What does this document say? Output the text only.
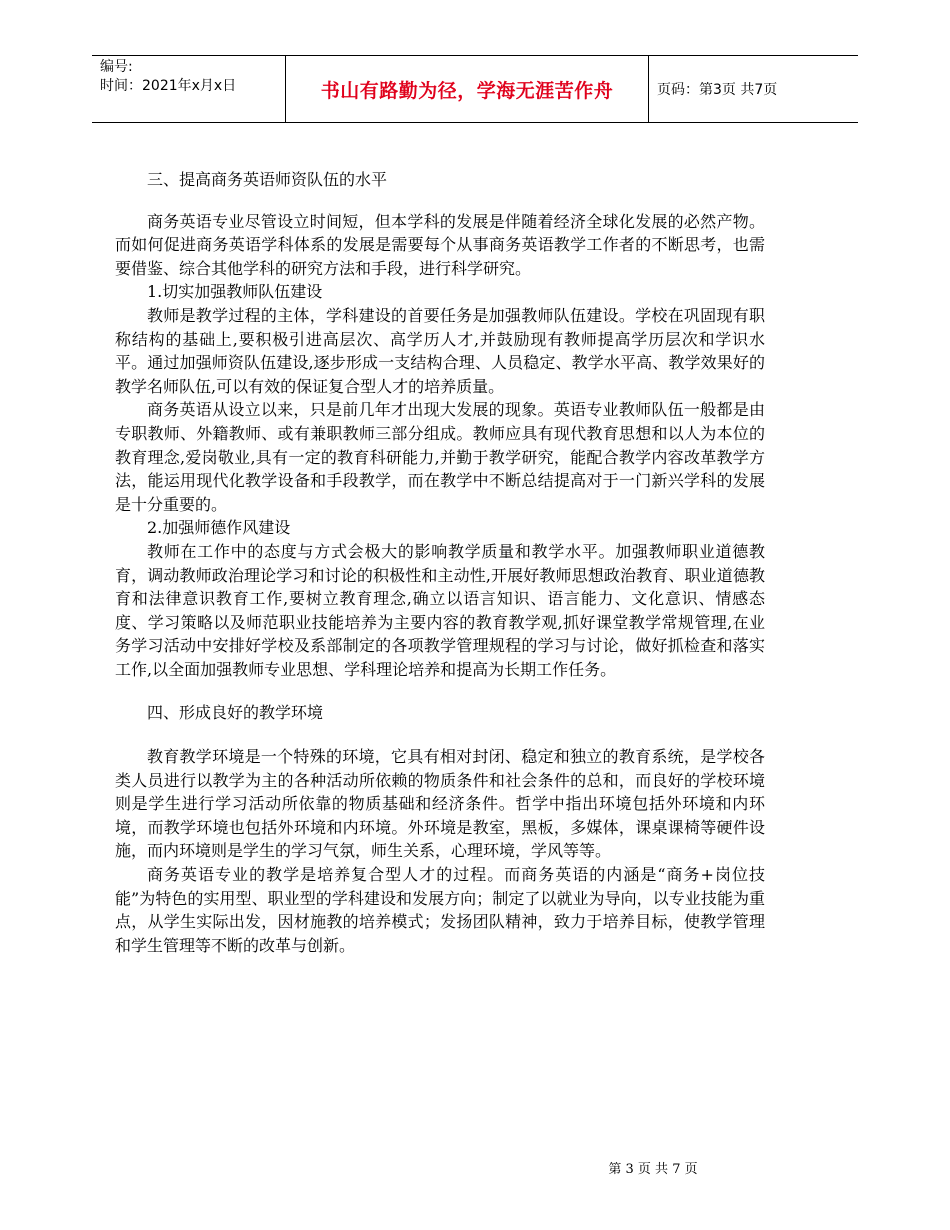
编号:
时间：2021年x月x日	书山有路勤为径，学海无涯苦作舟	页码：第3页 共7页
三、提高商务英语师资队伍的水平

商务英语专业尽管设立时间短，但本学科的发展是伴随着经济全球化发展的必然产物。而如何促进商务英语学科体系的发展是需要每个从事商务英语教学工作者的不断思考，也需要借鉴、综合其他学科的研究方法和手段，进行科学研究。

1.切实加强教师队伍建设

教师是教学过程的主体，学科建设的首要任务是加强教师队伍建设。学校在巩固现有职称结构的基础上,要积极引进高层次、高学历人才,并鼓励现有教师提高学历层次和学识水平。通过加强师资队伍建设,逐步形成一支结构合理、人员稳定、教学水平高、教学效果好的教学名师队伍,可以有效的保证复合型人才的培养质量。

商务英语从设立以来，只是前几年才出现大发展的现象。英语专业教师队伍一般都是由专职教师、外籍教师、或有兼职教师三部分组成。教师应具有现代教育思想和以人为本位的教育理念,爱岗敬业,具有一定的教育科研能力,并勤于教学研究，能配合教学内容改革教学方法，能运用现代化教学设备和手段教学，而在教学中不断总结提高对于一门新兴学科的发展是十分重要的。

2.加强师德作风建设

教师在工作中的态度与方式会极大的影响教学质量和教学水平。加强教师职业道德教育，调动教师政治理论学习和讨论的积极性和主动性,开展好教师思想政治教育、职业道德教育和法律意识教育工作,要树立教育理念,确立以语言知识、语言能力、文化意识、情感态度、学习策略以及师范职业技能培养为主要内容的教育教学观,抓好课堂教学常规管理,在业务学习活动中安排好学校及系部制定的各项教学管理规程的学习与讨论，做好抓检查和落实工作,以全面加强教师专业思想、学科理论培养和提高为长期工作任务。

四、形成良好的教学环境

教育教学环境是一个特殊的环境，它具有相对封闭、稳定和独立的教育系统，是学校各类人员进行以教学为主的各种活动所依赖的物质条件和社会条件的总和，而良好的学校环境则是学生进行学习活动所依靠的物质基础和经济条件。哲学中指出环境包括外环境和内环境，而教学环境也包括外环境和内环境。外环境是教室，黑板，多媒体，课桌课椅等硬件设施，而内环境则是学生的学习气氛，师生关系，心理环境，学风等等。

商务英语专业的教学是培养复合型人才的过程。而商务英语的内涵是“商务+岗位技能”为特色的实用型、职业型的学科建设和发展方向；制定了以就业为导向，以专业技能为重点，从学生实际出发，因材施教的培养模式；发扬团队精神，致力于培养目标，使教学管理和学生管理等不断的改革与创新。

第 3 页 共 7 页
